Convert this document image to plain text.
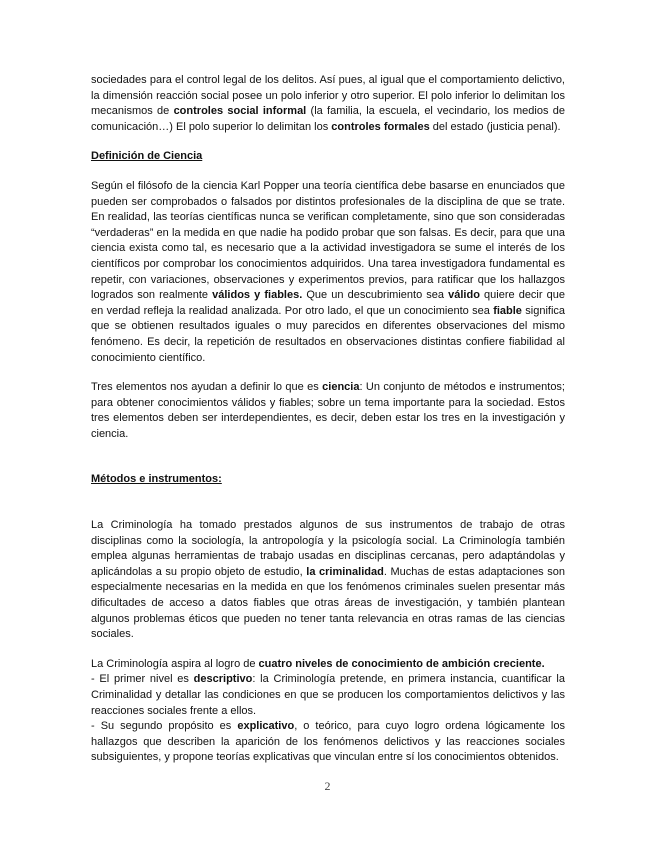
sociedades para el control legal de los delitos. Así pues, al igual que el comportamiento delictivo, la dimensión reacción social posee un polo inferior y otro superior. El polo inferior lo delimitan los mecanismos de controles social informal (la familia, la escuela, el vecindario, los medios de comunicación…) El polo superior lo delimitan los controles formales del estado (justicia penal).

Definición de Ciencia

Según el filósofo de la ciencia Karl Popper una teoría científica debe basarse en enunciados que pueden ser comprobados o falsados por distintos profesionales de la disciplina de que se trate. En realidad, las teorías científicas nunca se verifican completamente, sino que son consideradas “verdaderas” en la medida en que nadie ha podido probar que son falsas. Es decir, para que una ciencia exista como tal, es necesario que a la actividad investigadora se sume el interés de los científicos por comprobar los conocimientos adquiridos. Una tarea investigadora fundamental es repetir, con variaciones, observaciones y experimentos previos, para ratificar que los hallazgos logrados son realmente válidos y fiables. Que un descubrimiento sea válido quiere decir que en verdad refleja la realidad analizada. Por otro lado, el que un conocimiento sea fiable significa que se obtienen resultados iguales o muy parecidos en diferentes observaciones del mismo fenómeno. Es decir, la repetición de resultados en observaciones distintas confiere fiabilidad al conocimiento científico.

Tres elementos nos ayudan a definir lo que es ciencia: Un conjunto de métodos e instrumentos; para obtener conocimientos válidos y fiables; sobre un tema importante para la sociedad. Estos tres elementos deben ser interdependientes, es decir, deben estar los tres en la investigación y ciencia.

Métodos e instrumentos:

La Criminología ha tomado prestados algunos de sus instrumentos de trabajo de otras disciplinas como la sociología, la antropología y la psicología social. La Criminología también emplea algunas herramientas de trabajo usadas en disciplinas cercanas, pero adaptándolas y aplicándolas a su propio objeto de estudio, la criminalidad. Muchas de estas adaptaciones son especialmente necesarias en la medida en que los fenómenos criminales suelen presentar más dificultades de acceso a datos fiables que otras áreas de investigación, y también plantean algunos problemas éticos que pueden no tener tanta relevancia en otras ramas de las ciencias sociales.

La Criminología aspira al logro de cuatro niveles de conocimiento de ambición creciente.

- El primer nivel es descriptivo: la Criminología pretende, en primera instancia, cuantificar la Criminalidad y detallar las condiciones en que se producen los comportamientos delictivos y las reacciones sociales frente a ellos.

- Su segundo propósito es explicativo, o teórico, para cuyo logro ordena lógicamente los hallazgos que describen la aparición de los fenómenos delictivos y las reacciones sociales subsiguientes, y propone teorías explicativas que vinculan entre sí los conocimientos obtenidos.

2
